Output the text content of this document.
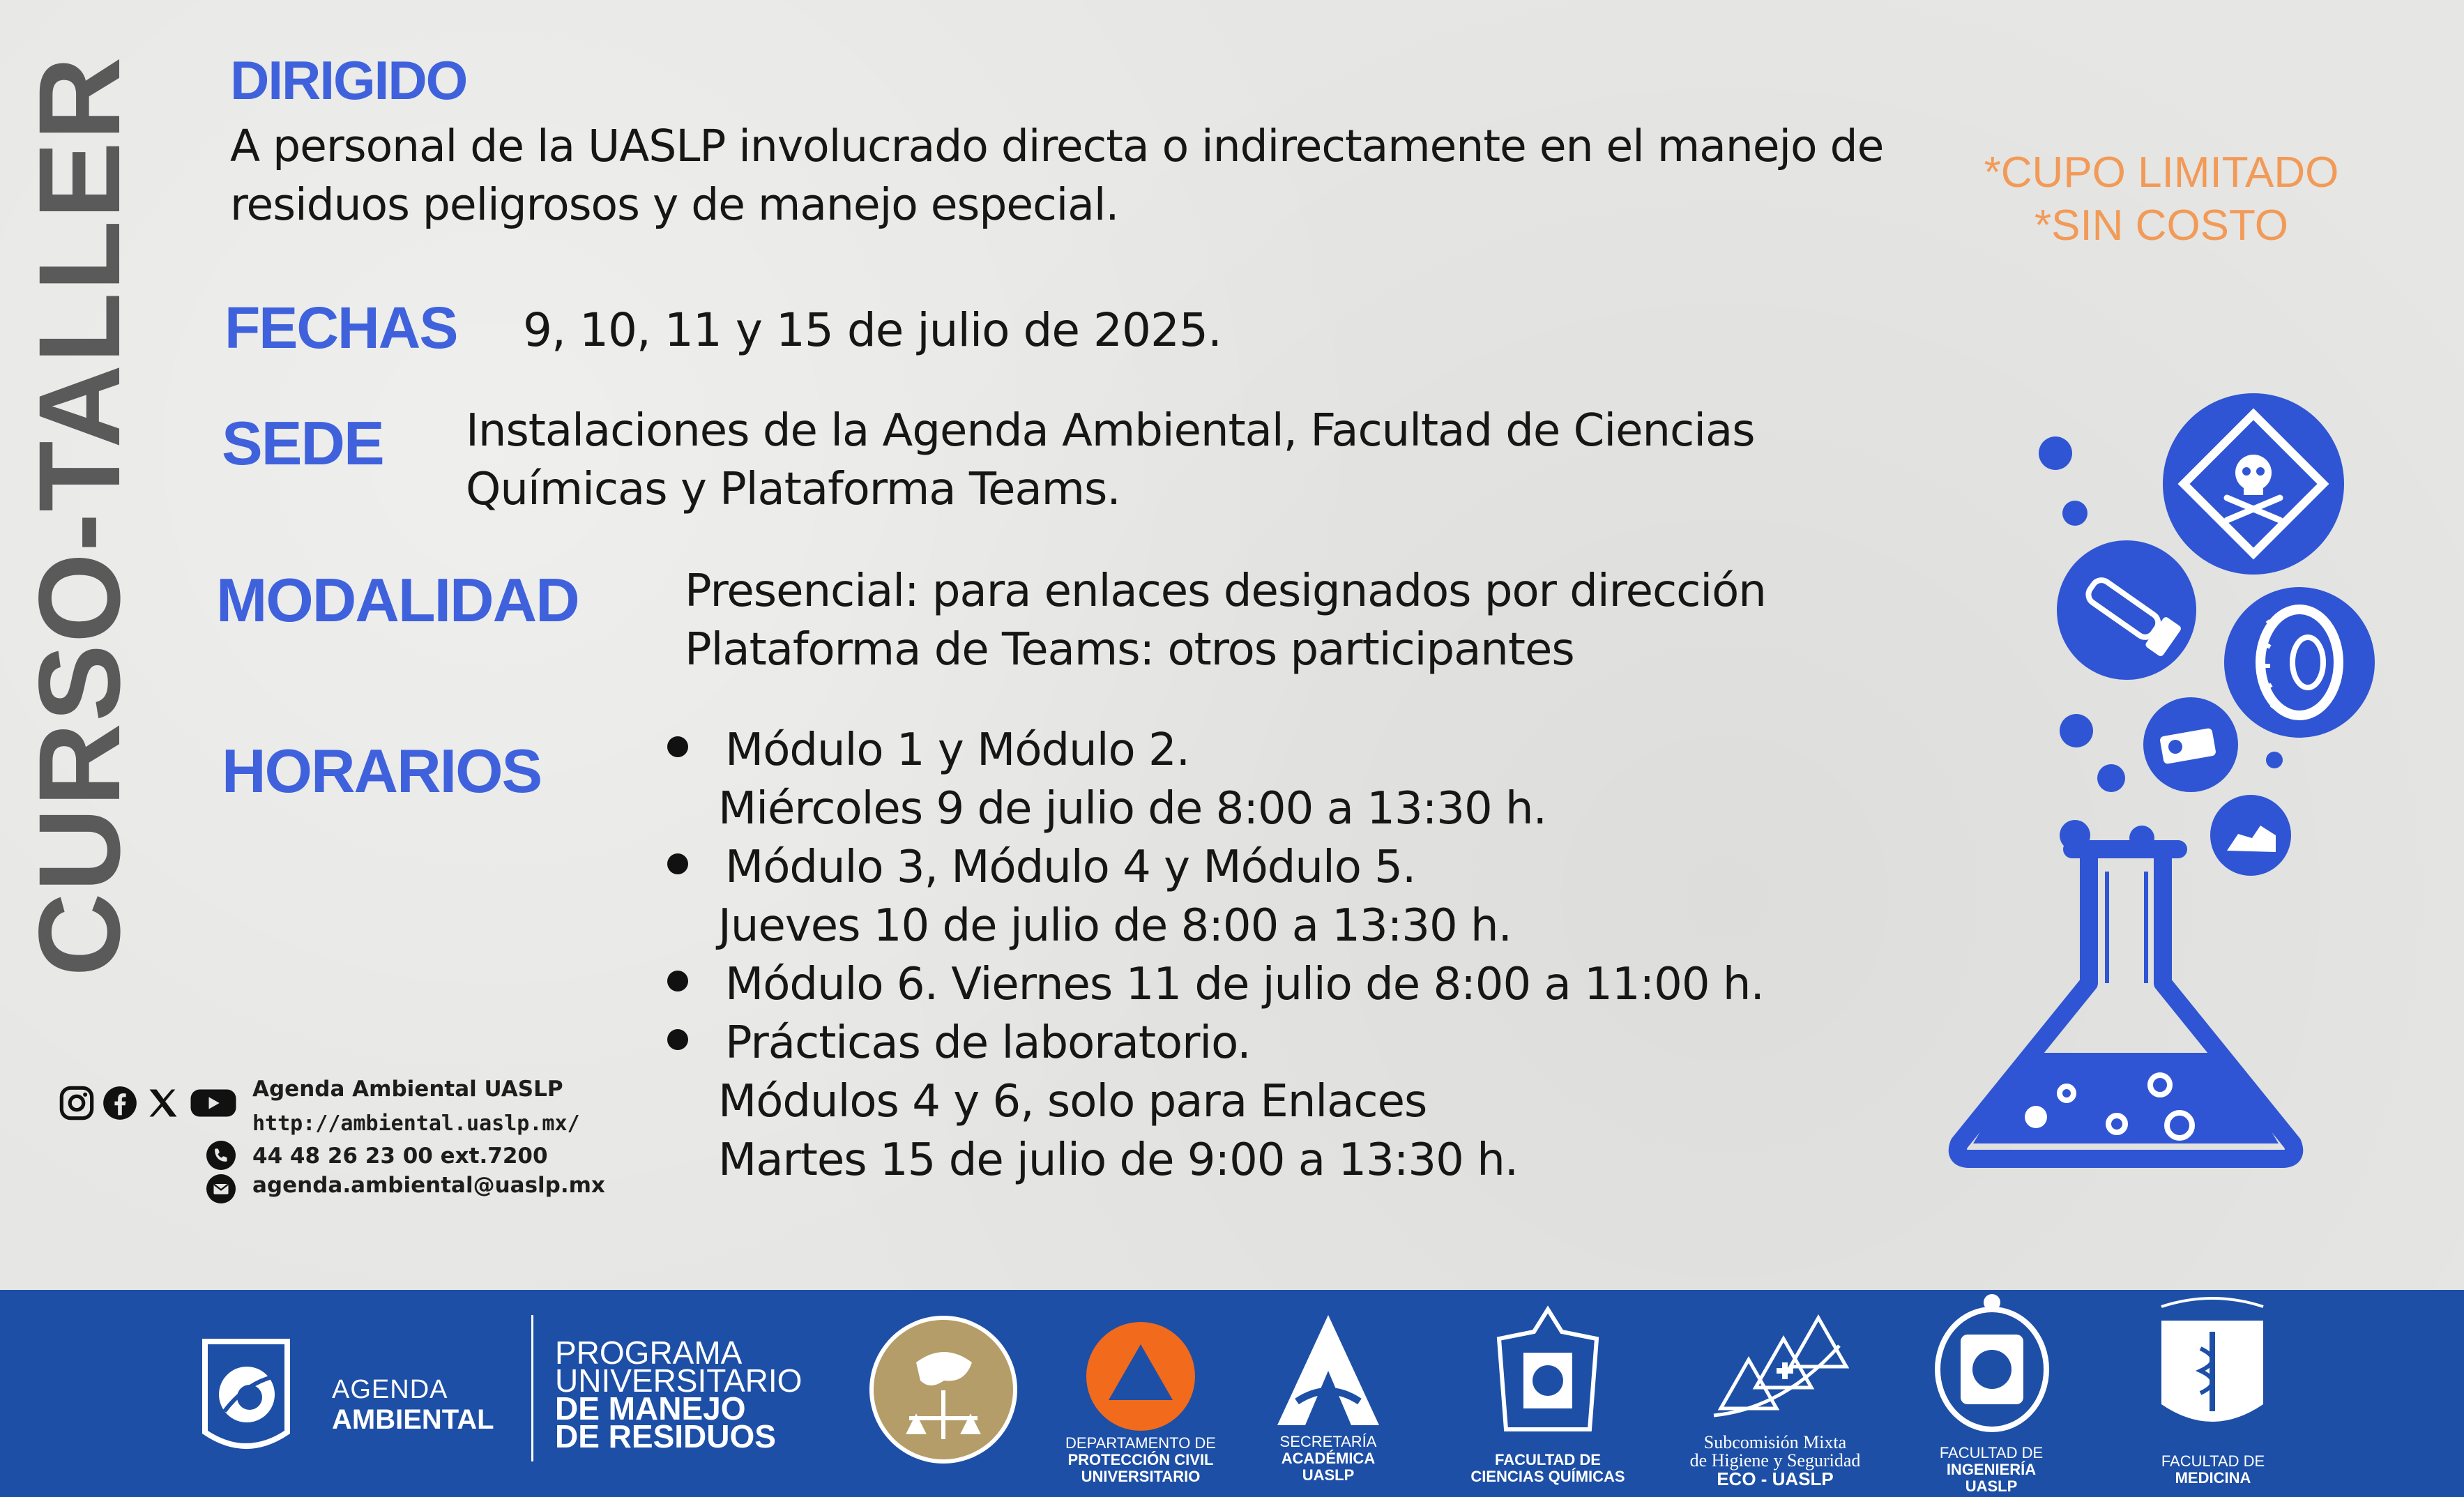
CURSO-TALLER DIRIGIDO
A personal de la UASLP involucrado directa o indirectamente en el manejo de
residuos peligrosos y de manejo especial.
*CUPO LIMITADO
*SIN COSTO
FECHAS 9, 10, 11 y 15 de julio de 2025.
SEDE Instalaciones de la Agenda Ambiental, Facultad de Ciencias
Químicas y Plataforma Teams.
MODALIDAD Presencial: para enlaces designados por dirección
Plataforma de Teams: otros participantes
HORARIOS	Módulo 1 y Módulo 2.
Miércoles 9 de julio de 8:00 a 13:30 h.
Módulo 3, Módulo 4 y Módulo 5.
Jueves 10 de julio de 8:00 a 13:30 h.
Módulo 6. Viernes 11 de julio de 8:00 a 11:00 h.
Prácticas de laboratorio.
Módulos 4 y 6, solo para Enlaces
Martes 15 de julio de 9:00 a 13:30 h.
Agenda Ambiental UASLP
http://ambiental.uaslp.mx/
44 48 26 23 00 ext.7200
agenda.ambiental@uaslp.mx
AGENDA
AMBIENTAL
PROGRAMA
UNIVERSITARIO
DE MANEJO
DE RESIDUOS	DEPARTAMENTO DE
PROTECCIÓN CIVIL
UNIVERSITARIO
SECRETARÍA
ACADÉMICA
UASLP
FACULTAD DE
CIENCIAS QUÍMICAS
Subcomisión Mixta
de Higiene y Seguridad
ECO - UASLP
FACULTAD DE
INGENIERÍA
UASLP
FACULTAD DE
MEDICINA
